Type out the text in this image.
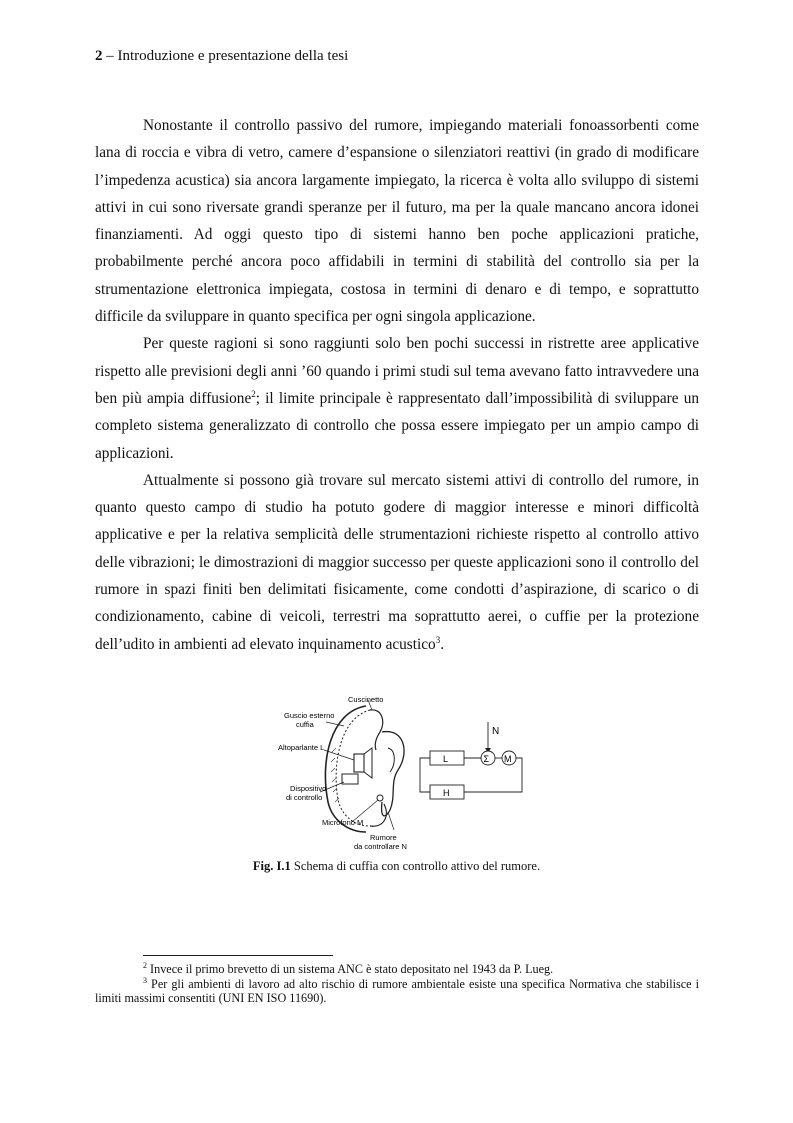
2 – Introduzione e presentazione della tesi

Nonostante il controllo passivo del rumore, impiegando materiali fonoassorbenti come lana di roccia e vibra di vetro, camere d’espansione o silenziatori reattivi (in grado di modificare l’impedenza acustica) sia ancora largamente impiegato, la ricerca è volta allo sviluppo di sistemi attivi in cui sono riversate grandi speranze per il futuro, ma per la quale mancano ancora idonei finanziamenti. Ad oggi questo tipo di sistemi hanno ben poche applicazioni pratiche, probabilmente perché ancora poco affidabili in termini di stabilità del controllo sia per la strumentazione elettronica impiegata, costosa in termini di denaro e di tempo, e soprattutto difficile da sviluppare in quanto specifica per ogni singola applicazione.

Per queste ragioni si sono raggiunti solo ben pochi successi in ristrette aree applicative rispetto alle previsioni degli anni ’60 quando i primi studi sul tema avevano fatto intravvedere una ben più ampia diffusione$^2$; il limite principale è rappresentato dall’impossibilità di sviluppare un completo sistema generalizzato di controllo che possa essere impiegato per un ampio campo di applicazioni.

Attualmente si possono già trovare sul mercato sistemi attivi di controllo del rumore, in quanto questo campo di studio ha potuto godere di maggior interesse e minori difficoltà applicative e per la relativa semplicità delle strumentazioni richieste rispetto al controllo attivo delle vibrazioni; le dimostrazioni di maggior successo per queste applicazioni sono il controllo del rumore in spazi finiti ben delimitati fisicamente, come condotti d’aspirazione, di scarico o di condizionamento, cabine di veicoli, terrestri ma soprattutto aerei, o cuffie per la protezione dell’udito in ambienti ad elevato inquinamento acustico$^3$.

Cuscinetto
Guscio esterno
cuffia
Altoparlante L
Dispositivo
di controllo
Microfono M
Rumore
da controllare N
N
L	Σ M
H
Fig. I.1 Schema di cuffia con controllo attivo del rumore.

$^2$ Invece il primo brevetto di un sistema ANC è stato depositato nel 1943 da P. Lueg.

$^3$ Per gli ambienti di lavoro ad alto rischio di rumore ambientale esiste una specifica Normativa che stabilisce i limiti massimi consentiti (UNI EN ISO 11690).
